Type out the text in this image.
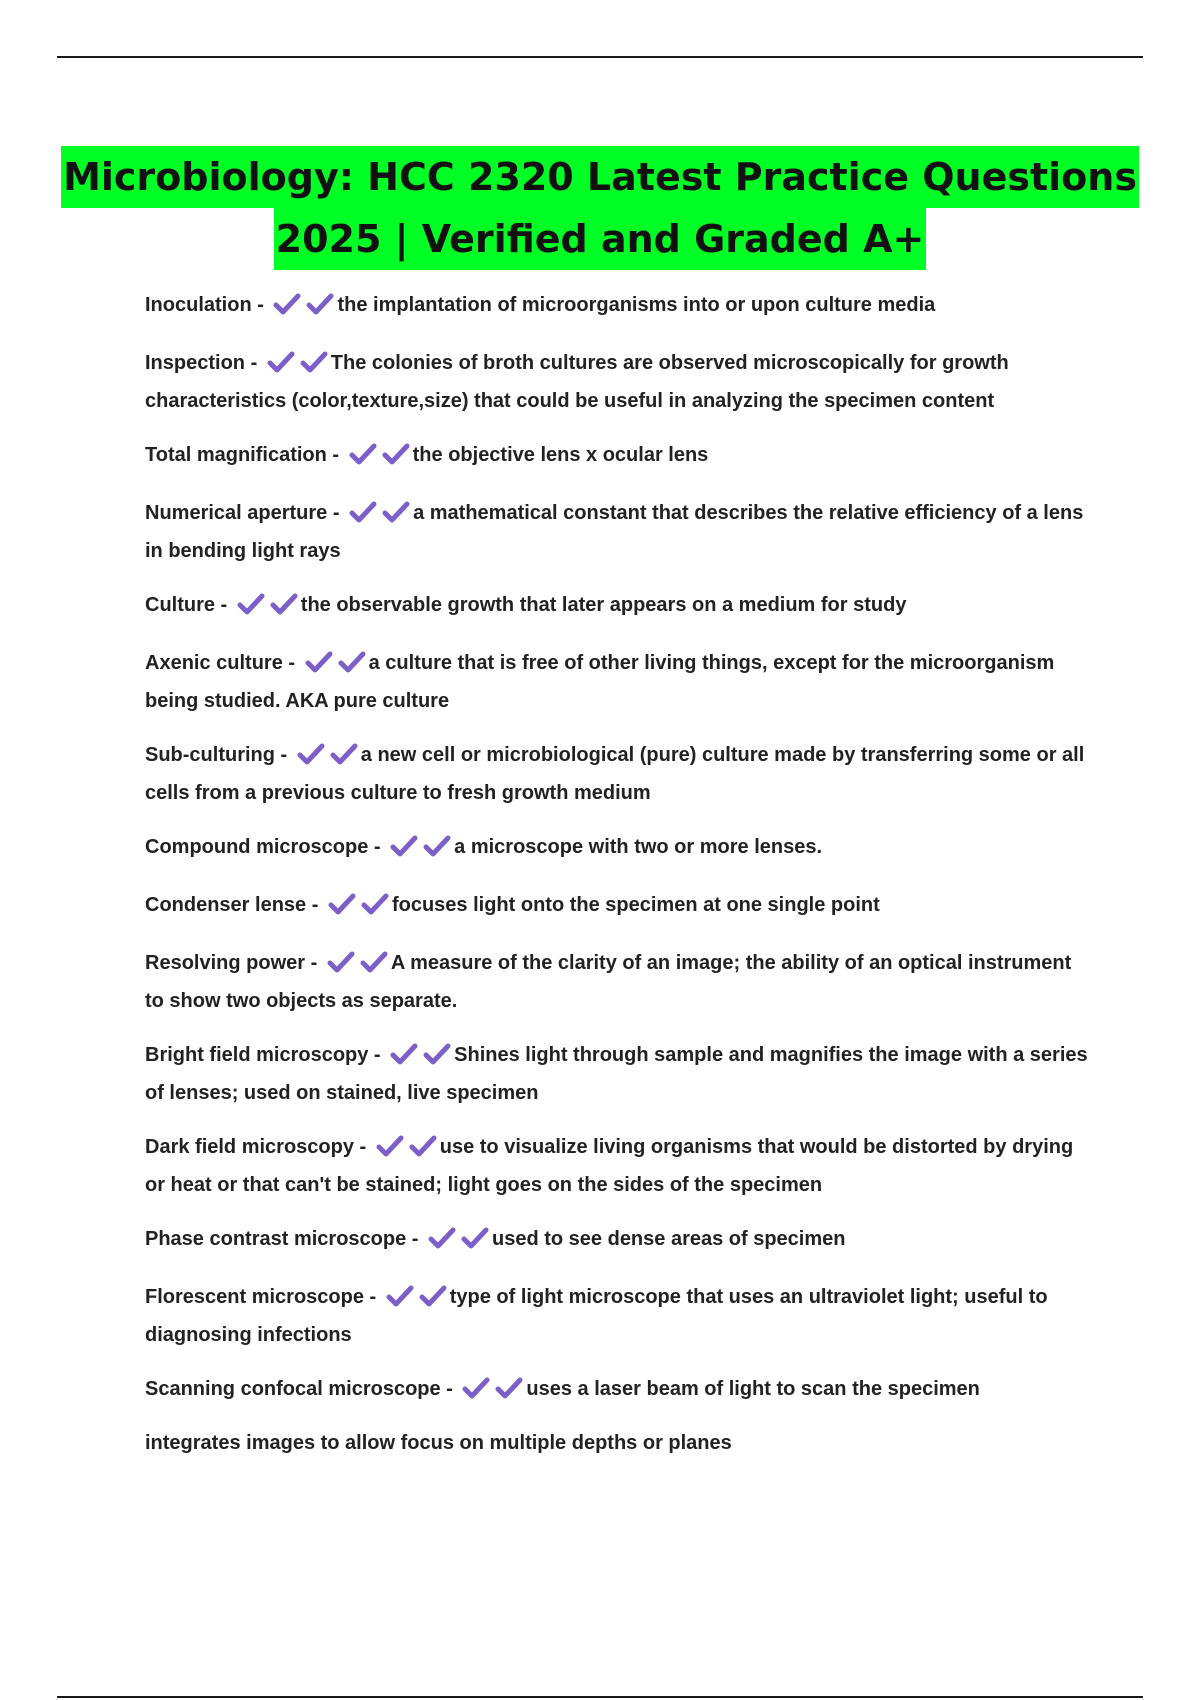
Microbiology: HCC 2320 Latest Practice Questions
2025 | Verified and Graded A+
Inoculation -	the implantation of microorganisms into or upon culture media
Inspection -	The colonies of broth cultures are observed microscopically for growth characteristics (color,texture,size) that could be useful in analyzing the specimen content
Total magnification -	the objective lens x ocular lens
Numerical aperture -	a mathematical constant that describes the relative efficiency of a lens in bending light rays
Culture -	the observable growth that later appears on a medium for study
Axenic culture -	a culture that is free of other living things, except for the microorganism being studied. AKA pure culture
Sub-culturing -	a new cell or microbiological (pure) culture made by transferring some or all cells from a previous culture to fresh growth medium
Compound microscope -	a microscope with two or more lenses.
Condenser lense -	focuses light onto the specimen at one single point
Resolving power -	A measure of the clarity of an image; the ability of an optical instrument to show two objects as separate.
Bright field microscopy -	Shines light through sample and magnifies the image with a series of lenses; used on stained, live specimen
Dark field microscopy -	use to visualize living organisms that would be distorted by drying or heat or that can't be stained; light goes on the sides of the specimen
Phase contrast microscope -	used to see dense areas of specimen
Florescent microscope -	type of light microscope that uses an ultraviolet light; useful to diagnosing infections
Scanning confocal microscope -	uses a laser beam of light to scan the specimen
integrates images to allow focus on multiple depths or planes
